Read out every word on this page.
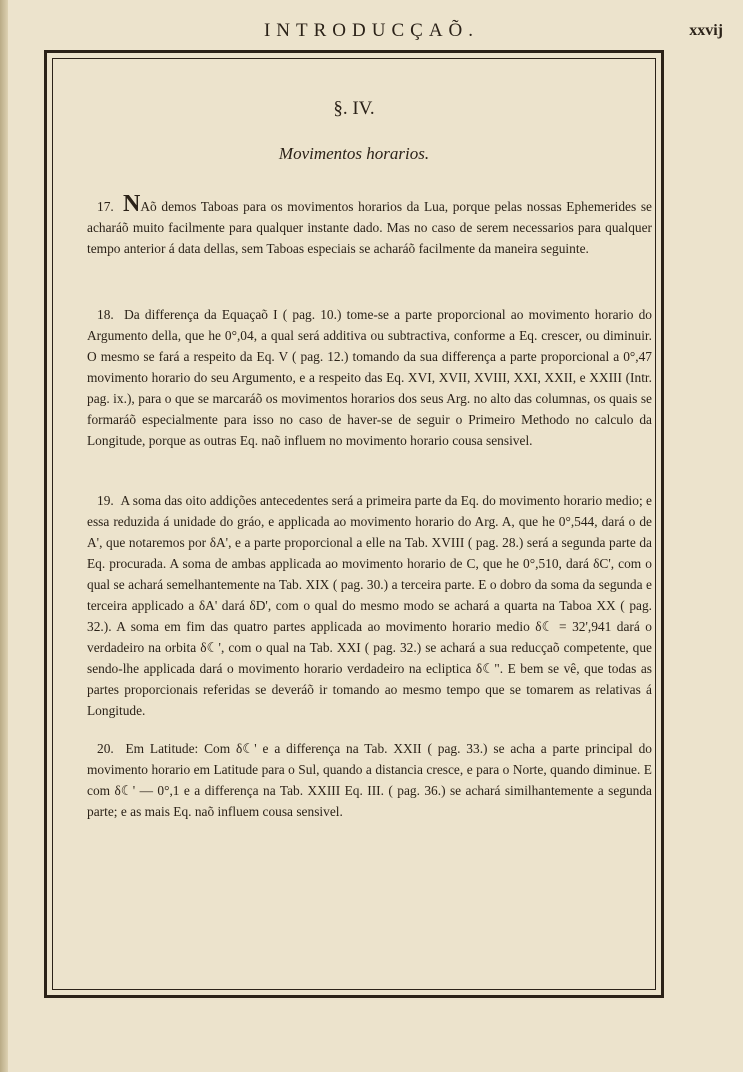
INTRODUCÇAÕ.	xxvij
§. IV.
Movimentos horarios.

17. NAõ demos Taboas para os movimentos horarios da Lua, porque pelas nossas Ephemerides se acharáõ muito facilmente para qualquer instante dado. Mas no caso de serem necessarios para qualquer tempo anterior á data dellas, sem Taboas especiais se acharáõ facilmente da maneira seguinte.

18. Da differença da Equaçaõ I ( pag. 10.) tome-se a parte proporcional ao movimento horario do Argumento della, que he 0°,04, a qual será additiva ou subtractiva, conforme a Eq. crescer, ou diminuir. O mesmo se fará a respeito da Eq. V ( pag. 12.) tomando da sua differença a parte proporcional a 0°,47 movimento horario do seu Argumento, e a respeito das Eq. XVI, XVII, XVIII, XXI, XXII, e XXIII (Intr. pag. ix.), para o que se marcaráõ os movimentos horarios dos seus Arg. no alto das columnas, os quais se formaráõ especialmente para isso no caso de haver-se de seguir o Primeiro Methodo no calculo da Longitude, porque as outras Eq. naõ influem no movimento horario cousa sensivel.

19. A soma das oito addições antecedentes será a primeira parte da Eq. do movimento horario medio; e essa reduzida á unidade do gráo, e applicada ao movimento horario do Arg. A, que he 0°,544, dará o de A', que notaremos por δA', e a parte proporcional a elle na Tab. XVIII ( pag. 28.) será a segunda parte da Eq. procurada. A soma de ambas applicada ao movimento horario de C, que he 0°,510, dará δC', com o qual se achará semelhantemente na Tab. XIX ( pag. 30.) a terceira parte. E o dobro da soma da segunda e terceira applicado a δA' dará δD', com o qual do mesmo modo se achará a quarta na Taboa XX ( pag. 32.). A soma em fim das quatro partes applicada ao movimento horario medio δ☾ = 32',941 dará o verdadeiro na orbita δ☾', com o qual na Tab. XXI ( pag. 32.) se achará a sua reducçaõ competente, que sendo-lhe applicada dará o movimento horario verdadeiro na ecliptica δ☾". E bem se vê, que todas as partes proporcionais referidas se deveráõ ir tomando ao mesmo tempo que se tomarem as relativas á Longitude.

20. Em Latitude: Com δ☾' e a differença na Tab. XXII ( pag. 33.) se acha a parte principal do movimento horario em Latitude para o Sul, quando a distancia cresce, e para o Norte, quando diminue. E com δ☾' — 0°,1 e a differença na Tab. XXIII Eq. III. ( pag. 36.) se achará similhantemente a segunda parte; e as mais Eq. naõ influem cousa sensivel.
